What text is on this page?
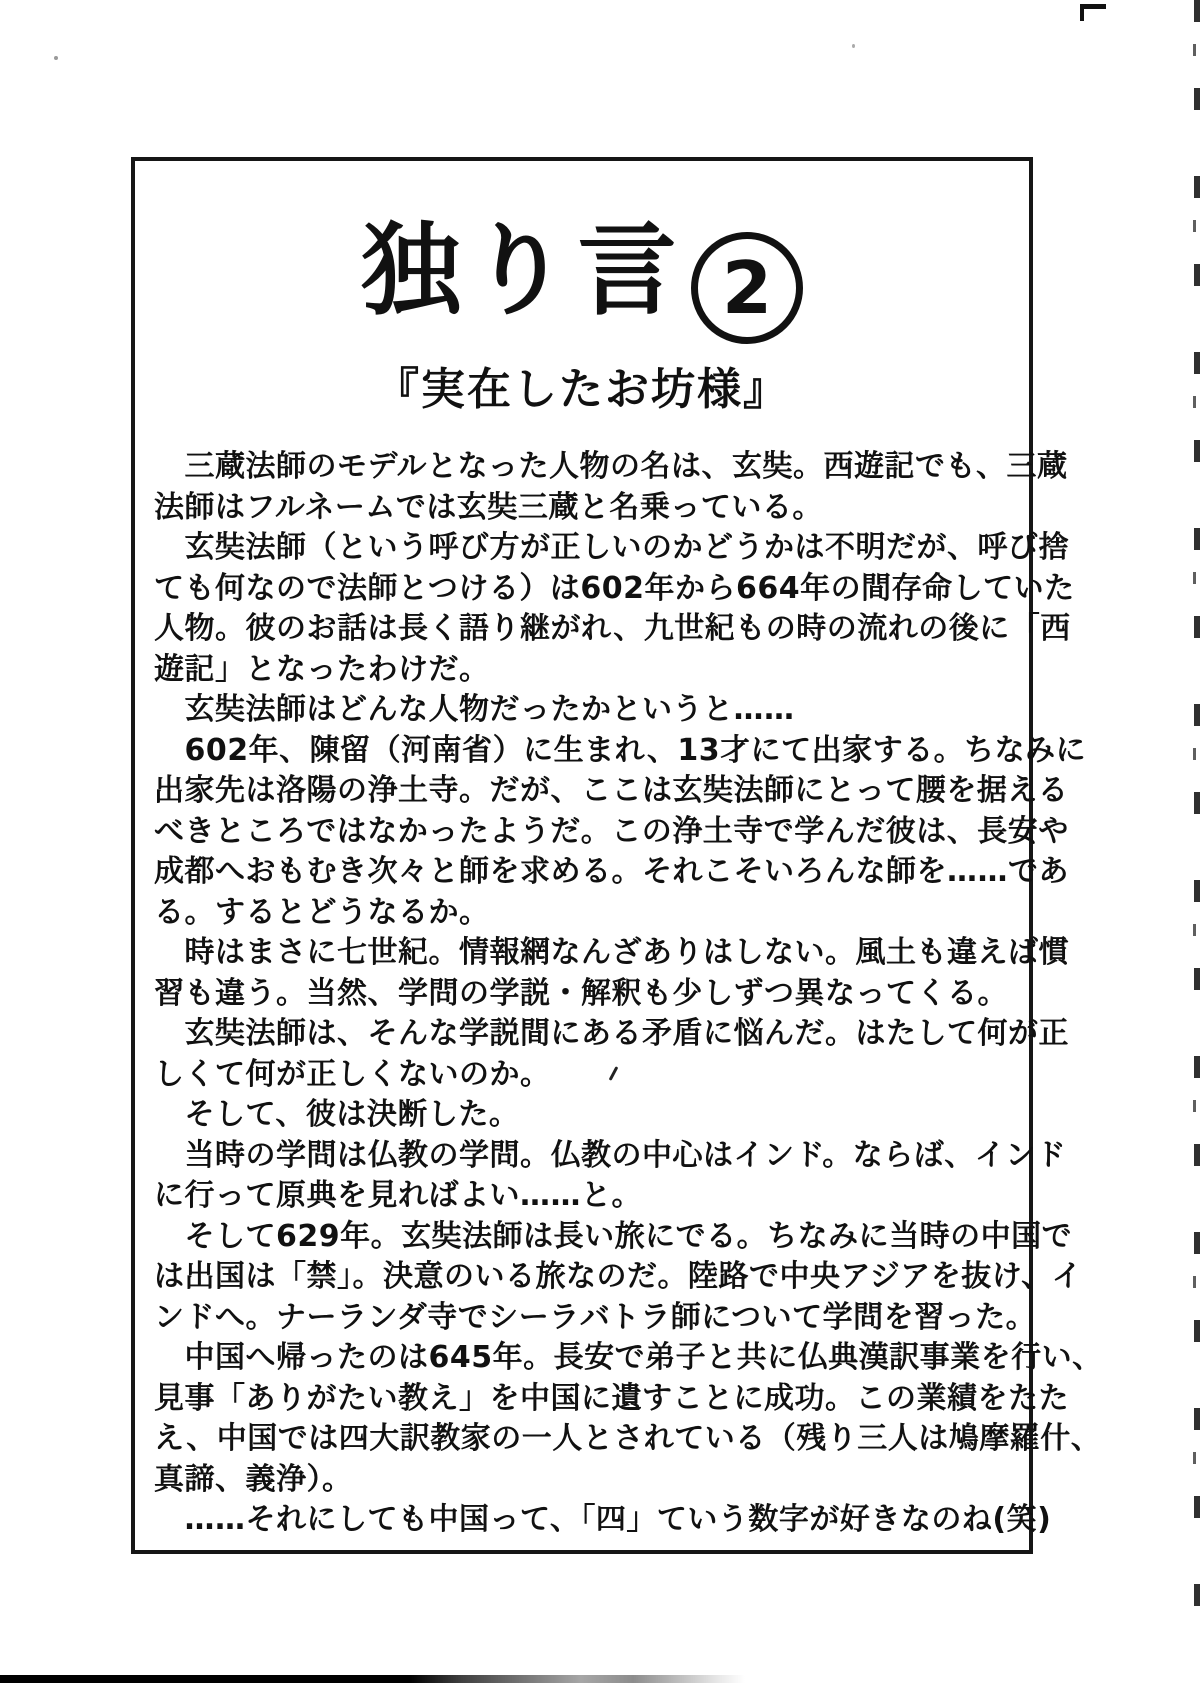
独り言 2
『実在したお坊様』
　三蔵法師のモデルとなった人物の名は、玄奘。西遊記でも、三蔵
法師はフルネームでは玄奘三蔵と名乗っている。
　玄奘法師（という呼び方が正しいのかどうかは不明だが、呼び捨
ても何なので法師とつける）は602年から664年の間存命していた
人物。彼のお話は長く語り継がれ、九世紀もの時の流れの後に「西
遊記」となったわけだ。
　玄奘法師はどんな人物だったかというと……
　602年、陳留（河南省）に生まれ、13才にて出家する。ちなみに
出家先は洛陽の浄土寺。だが、ここは玄奘法師にとって腰を据える
べきところではなかったようだ。この浄土寺で学んだ彼は、長安や
成都へおもむき次々と師を求める。それこそいろんな師を……であ
る。するとどうなるか。
　時はまさに七世紀。情報網なんざありはしない。風土も違えば慣
習も違う。当然、学問の学説・解釈も少しずつ異なってくる。
　玄奘法師は、そんな学説間にある矛盾に悩んだ。はたして何が正
しくて何が正しくないのか。
　そして、彼は決断した。
　当時の学問は仏教の学問。仏教の中心はインド。ならば、インド
に行って原典を見ればよい……と。
　そして629年。玄奘法師は長い旅にでる。ちなみに当時の中国で
は出国は「禁」。決意のいる旅なのだ。陸路で中央アジアを抜け、イ
ンドへ。ナーランダ寺でシーラバトラ師について学問を習った。
　中国へ帰ったのは645年。長安で弟子と共に仏典漢訳事業を行い、
見事「ありがたい教え」を中国に遺すことに成功。この業績をたた
え、中国では四大訳教家の一人とされている（残り三人は鳩摩羅什、
真諦、義浄）。
　……それにしても中国って、「四」ていう数字が好きなのね(笑)
